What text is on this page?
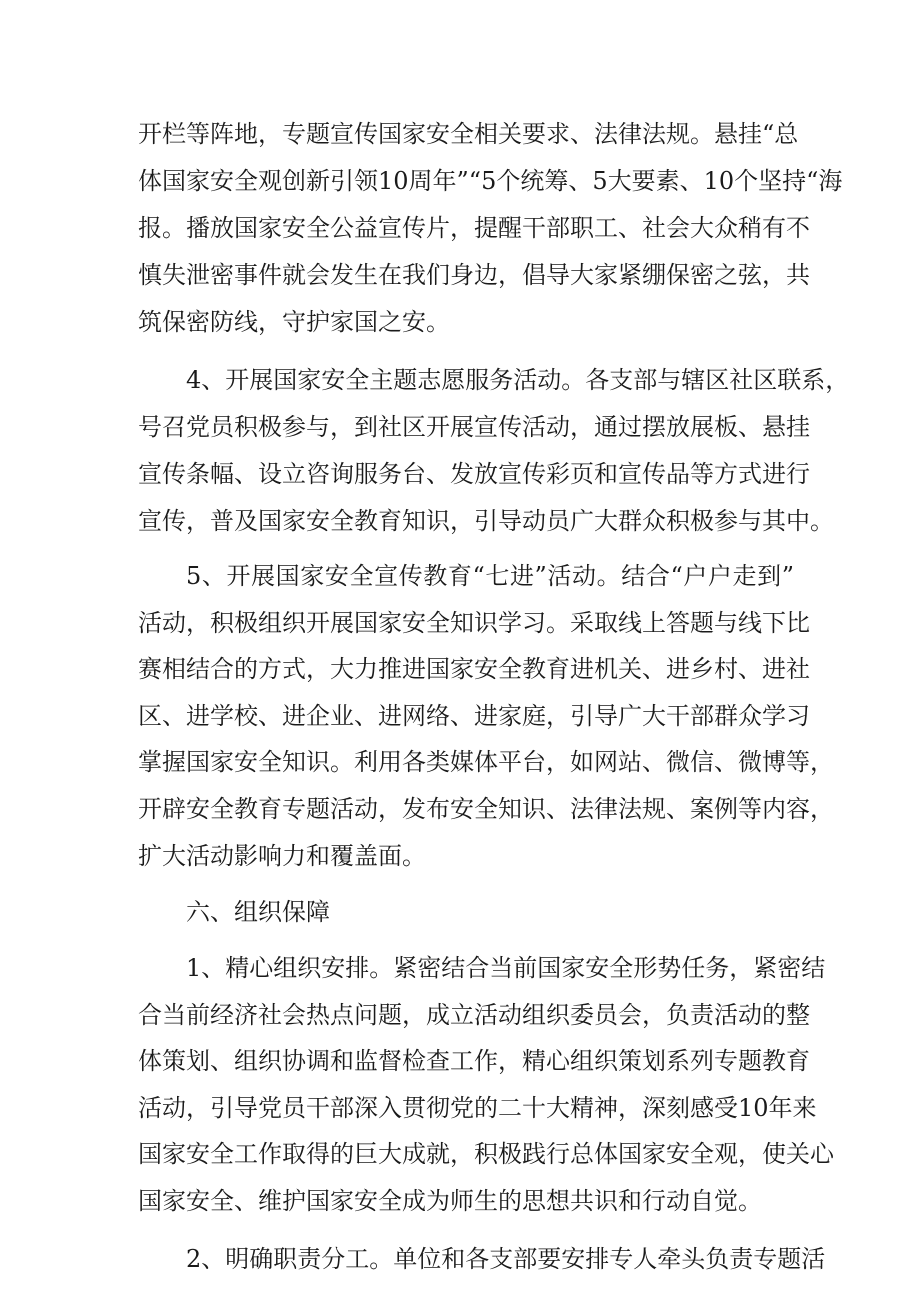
开栏等阵地，专题宣传国家安全相关要求、法律法规。悬挂“总
体国家安全观创新引领10周年”“5个统筹、5大要素、10个坚持“海
报。播放国家安全公益宣传片，提醒干部职工、社会大众稍有不
慎失泄密事件就会发生在我们身边，倡导大家紧绷保密之弦，共
筑保密防线，守护家国之安。
4、开展国家安全主题志愿服务活动。各支部与辖区社区联系，
号召党员积极参与，到社区开展宣传活动，通过摆放展板、悬挂
宣传条幅、设立咨询服务台、发放宣传彩页和宣传品等方式进行
宣传，普及国家安全教育知识，引导动员广大群众积极参与其中。
5、开展国家安全宣传教育“七进”活动。结合“户户走到”
活动，积极组织开展国家安全知识学习。采取线上答题与线下比
赛相结合的方式，大力推进国家安全教育进机关、进乡村、进社
区、进学校、进企业、进网络、进家庭，引导广大干部群众学习
掌握国家安全知识。利用各类媒体平台，如网站、微信、微博等，
开辟安全教育专题活动，发布安全知识、法律法规、案例等内容，
扩大活动影响力和覆盖面。
六、组织保障
1、精心组织安排。紧密结合当前国家安全形势任务，紧密结
合当前经济社会热点问题，成立活动组织委员会，负责活动的整
体策划、组织协调和监督检查工作，精心组织策划系列专题教育
活动，引导党员干部深入贯彻党的二十大精神，深刻感受10年来
国家安全工作取得的巨大成就，积极践行总体国家安全观，使关心
国家安全、维护国家安全成为师生的思想共识和行动自觉。
2、明确职责分工。单位和各支部要安排专人牵头负责专题活
